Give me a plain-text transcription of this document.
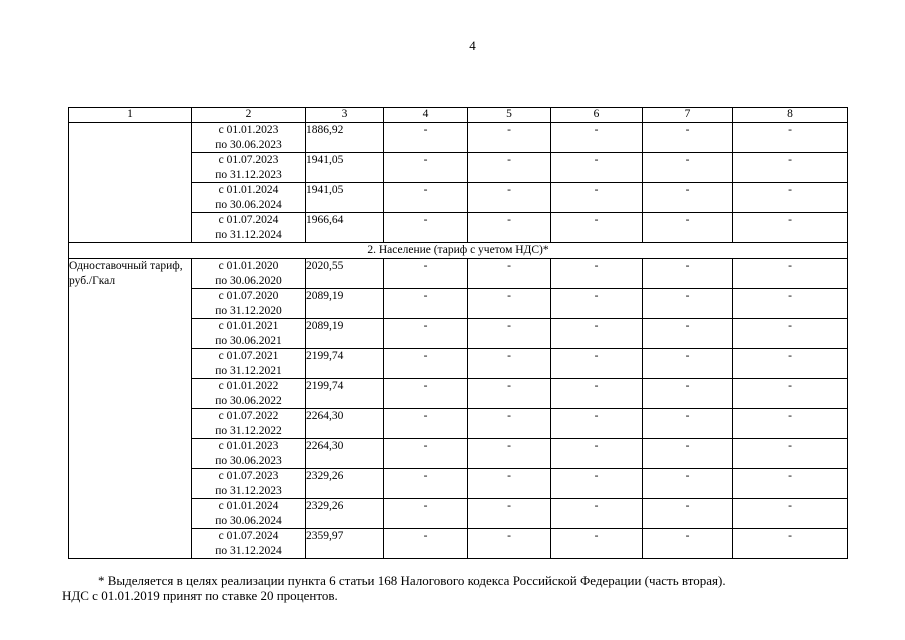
4
1	2	3	4	5	6	7	8

	с 01.01.2023
по 30.06.2023	1886,92	-	-	-	-	-

	с 01.07.2023
по 31.12.2023	1941,05	-	-	-	-	-

	с 01.01.2024
по 30.06.2024	1941,05	-	-	-	-	-

	с 01.07.2024
по 31.12.2024	1966,64	-	-	-	-	-
2. Население (тариф с учетом НДС)*							
Одноставочный тариф, руб./Гкал	с 01.01.2020
по 30.06.2020	2020,55	-	-	-	-	-

	с 01.07.2020
по 31.12.2020	2089,19	-	-	-	-	-

	с 01.01.2021
по 30.06.2021	2089,19	-	-	-	-	-

	с 01.07.2021
по 31.12.2021	2199,74	-	-	-	-	-

	с 01.01.2022
по 30.06.2022	2199,74	-	-	-	-	-

	с 01.07.2022
по 31.12.2022	2264,30	-	-	-	-	-

	с 01.01.2023
по 30.06.2023	2264,30	-	-	-	-	-

	с 01.07.2023
по 31.12.2023	2329,26	-	-	-	-	-

	с 01.01.2024
по 30.06.2024	2329,26	-	-	-	-	-

	с 01.07.2024
по 31.12.2024	2359,97	-	-	-	-	-

* Выделяется в целях реализации пункта 6 статьи 168 Налогового кодекса Российской Федерации (часть вторая).

НДС с 01.01.2019 принят по ставке 20 процентов.
